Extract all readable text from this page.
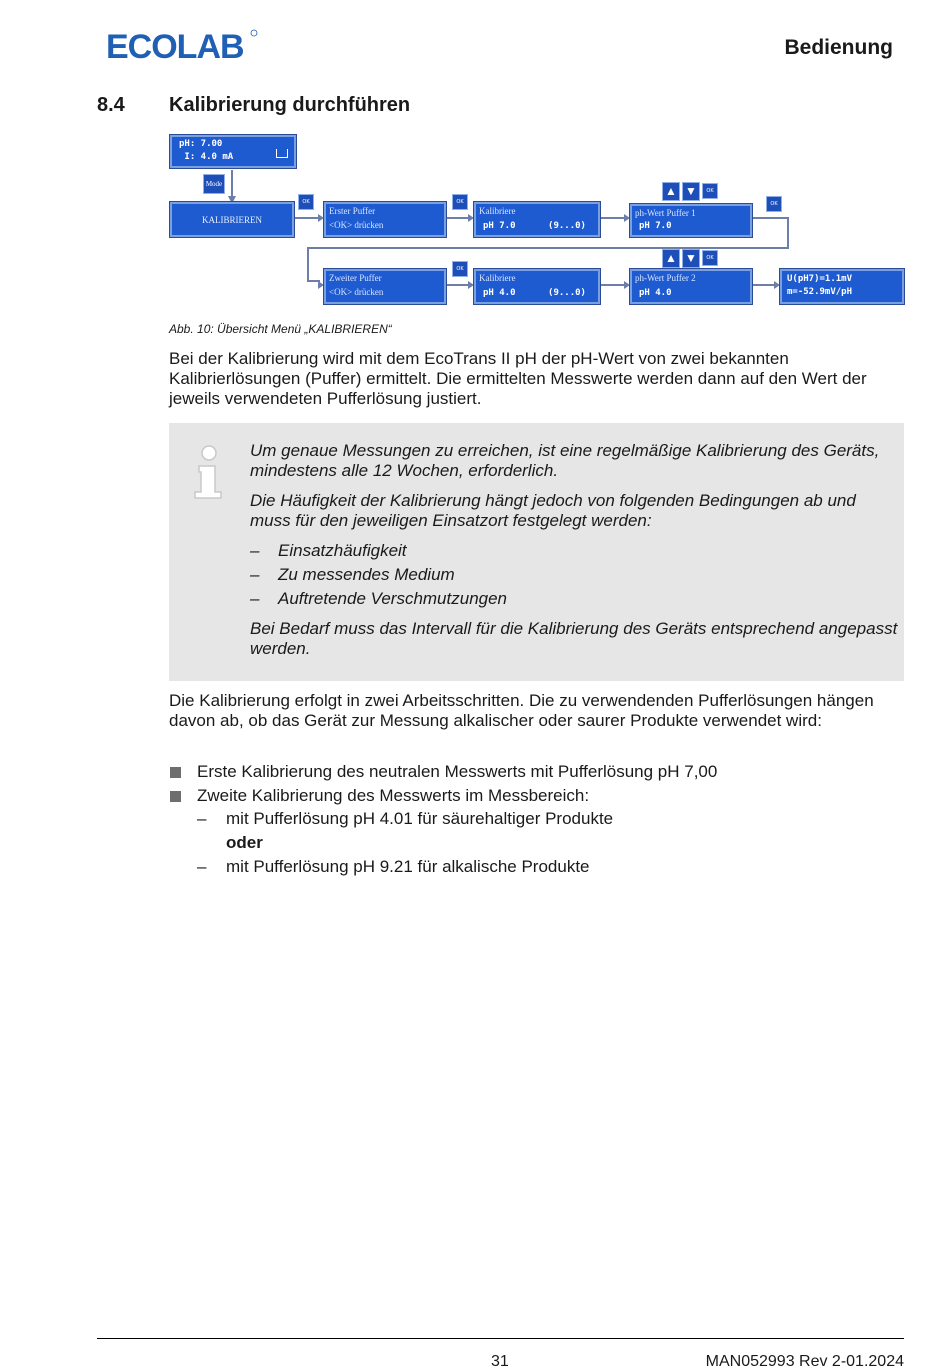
ECOLAB	Bedienung
8.4 Kalibrierung durchführen
pH: 7.00
I: 4.0 mA
Mode
KALIBRIEREN
OK
Erster Puffer
<OK> drücken
OK
Kalibriere
pH 7.0      (9...0)
▲ ▼	OK
ph-Wert Puffer 1
pH 7.0
OK
Zweiter Puffer
<OK> drücken
OK
Kalibriere
pH 4.0      (9...0)
▲ ▼	OK
ph-Wert Puffer 2
pH 4.0
U(pH7)=1.1mV
m=-52.9mV/pH
Abb. 10: Übersicht Menü „KALIBRIEREN“
Bei der Kalibrierung wird mit dem EcoTrans II pH der pH-Wert von zwei bekannten Kalibrierlösungen (Puffer) ermittelt. Die ermittelten Messwerte werden dann auf den Wert der jeweils verwendeten Pufferlösung justiert.
Um genaue Messungen zu erreichen, ist eine regelmäßige Kalibrierung des Geräts, mindestens alle 12 Wochen, erforderlich.
Die Häufigkeit der Kalibrierung hängt jedoch von folgenden Bedingungen ab und muss für den jeweiligen Einsatzort festgelegt werden:
– Einsatzhäufigkeit
– Zu messendes Medium
– Auftretende Verschmutzungen
Bei Bedarf muss das Intervall für die Kalibrierung des Geräts entsprechend angepasst werden.
Die Kalibrierung erfolgt in zwei Arbeitsschritten. Die zu verwendenden Pufferlösungen hängen davon ab, ob das Gerät zur Messung alkalischer oder saurer Produkte verwendet wird:
Erste Kalibrierung des neutralen Messwerts mit Pufferlösung pH 7,00
Zweite Kalibrierung des Messwerts im Messbereich:
– mit Pufferlösung pH 4.01 für säurehaltiger Produkte
oder
– mit Pufferlösung pH 9.21 für alkalische Produkte
31	MAN052993 Rev 2-01.2024
